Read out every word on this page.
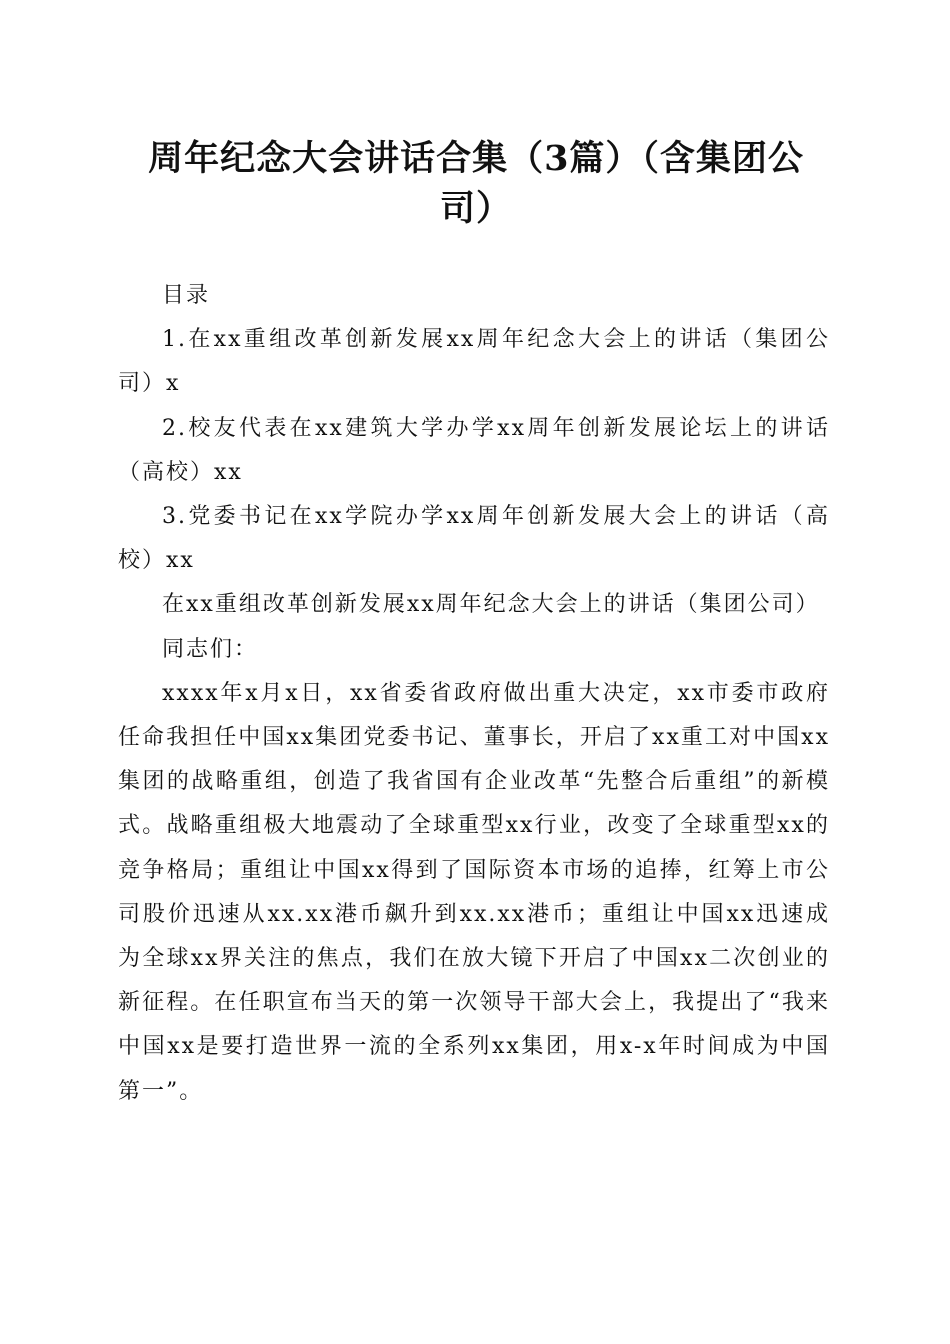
周年纪念大会讲话合集（3篇）（含集团公司）

目录

1.在xx重组改革创新发展xx周年纪念大会上的讲话（集团公司）x

2.校友代表在xx建筑大学办学xx周年创新发展论坛上的讲话（高校）xx

3.党委书记在xx学院办学xx周年创新发展大会上的讲话（高校）xx

在xx重组改革创新发展xx周年纪念大会上的讲话（集团公司）

同志们：

xxxx年x月x日，xx省委省政府做出重大决定，xx市委市政府任命我担任中国xx集团党委书记、董事长，开启了xx重工对中国xx集团的战略重组，创造了我省国有企业改革“先整合后重组”的新模式。战略重组极大地震动了全球重型xx行业，改变了全球重型xx的竞争格局；重组让中国xx得到了国际资本市场的追捧，红筹上市公司股价迅速从xx.xx港币飙升到xx.xx港币；重组让中国xx迅速成为全球xx界关注的焦点，我们在放大镜下开启了中国xx二次创业的新征程。在任职宣布当天的第一次领导干部大会上，我提出了“我来中国xx是要打造世界一流的全系列xx集团，用x-x年时间成为中国第一”。
